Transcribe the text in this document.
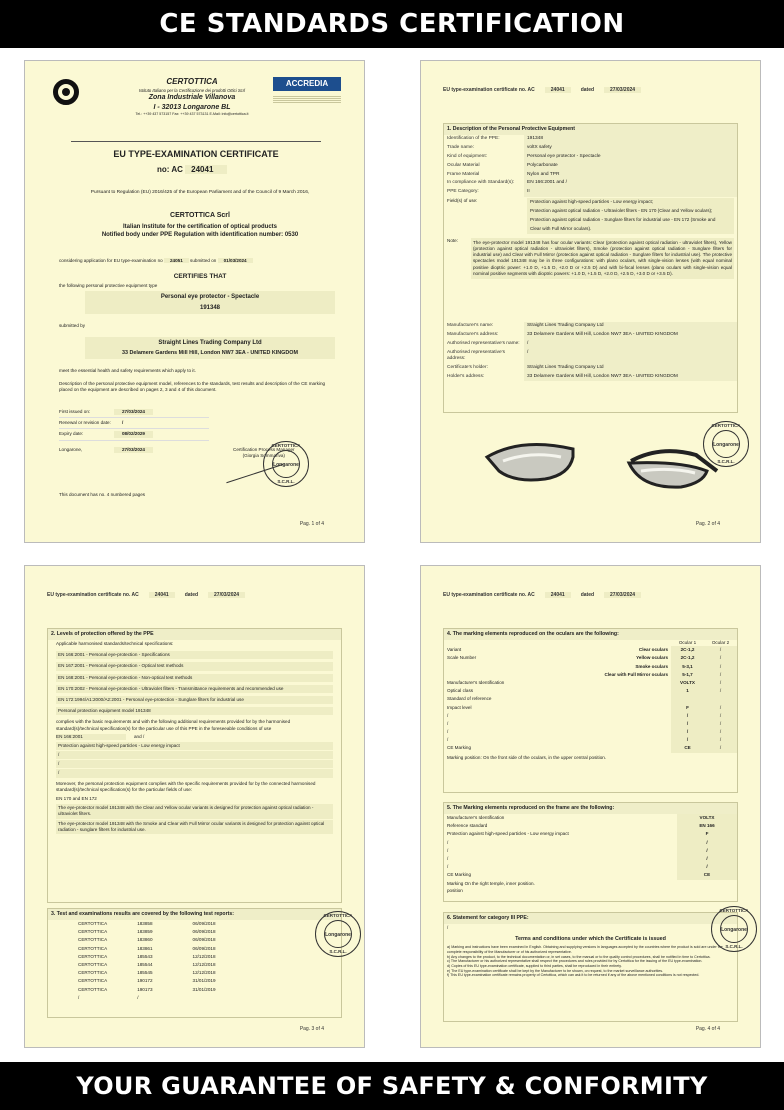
CE STANDARDS CERTIFICATION
CERTOTTICA
Istituto Italiano per la Certificazione dei prodotti Ottici Scrl
Zona Industriale Villanova
I - 32013 Longarone BL
Tel.: ++39 437 573157 Fax: ++39 437 573131 E-Mail: info@certottica.it
ACCREDIA
EU TYPE-EXAMINATION CERTIFICATE
no: AC 24041
Pursuant to Regulation (EU) 2016/425 of the European Parliament and of the Council of 9 March 2016,
CERTOTTICA Scrl
Italian Institute for the certification of optical products
Notified body under PPE Regulation with identification number: 0530
considering application for EU type-examination no 24051 submitted on 01/03/2024
CERTIFIES THAT
the following personal protective equipment type
Personal eye protector - Spectacle
191348
submitted by
Straight Lines Trading Company Ltd
33 Delamere Gardens Mill Hill, London NW7 3EA - UNITED KINGDOM
meet the essential health and safety requirements which apply to it.
Description of the personal protective equipment model, references to the standards, test results and description of the CE marking placed on the equipment are described on pages 2, 3 and 4 of this document.
First issued on:	27/03/2024
Renewal or revision date:	/
Expiry date:	08/02/2029
Longarone,	27/03/2024	Certification Process Manager
(Giorgia Sommariva)
CERTOTTICA
Longarone
S.C.R.L.
This document has no. 4 numbered pages
Pag. 1 of 4
EU type-examination certificate no. AC	24041	dated	27/03/2024
1. Description of the Personal Protective Equipment
Identification of the PPE:	191348
Trade name:	voltX safety
Kind of equipment:	Personal eye protector - Spectacle
Ocular Material	Polycarbonate
Frame Material	Nylon and TPR
In compliance with Standard(s):	EN 166:2001 and /
PPE Category:	II
Field(s) of use:	Protection against high-speed particles - Low energy impact;
Protection against optical radiation - Ultraviolet filters - EN 170 (Clear and Yellow oculars);
Protection against optical radiation - Sunglare filters for industrial use - EN 172 (Smoke and
Clear with Full Mirror oculars).
Note:	The eye-protector model 191348 has four ocular variants: Clear (protection against optical radiation - ultraviolet filters), Yellow (protection against optical radiation - ultraviolet filters), Smoke (protection against optical radiation - Sunglare filters for industrial use) and Clear with Full Mirror (protection against optical radiation - Sunglare filters for industrial use). The protective spectacles model 191348 may be in three configurations: with plano oculars, with single-vision lenses (with equal nominal positive dioptric power: +1.0 D, +1.5 D, +2.0 D or +2.5 D) and with bi-focal lenses (plano oculars with single-vision equal nominal positive segments with dioptric powers: +1.0 D, +1.5 D, +2.0 D, +2.5 D, +3.0 D or +3.5 D).
Manufacturer's name:	Straight Lines Trading Company Ltd
Manufacturer's address:	33 Delamere Gardens Mill Hill, London NW7 3EA - UNITED KINGDOM
Authorised representative's name:	/
Authorised representative's address:	/
Certificate's holder:	Straight Lines Trading Company Ltd
Holder's address:	33 Delamere Gardens Mill Hill, London NW7 3EA - UNITED KINGDOM
CERTOTTICA
Longarone
S.C.R.L.
Pag. 2 of 4
EU type-examination certificate no. AC	24041	dated	27/03/2024
2. Levels of protection offered by the PPE
Applicable harmonised standards/technical specifications:
EN 166:2001 - Personal eye-protection - Specifications
EN 167:2001 - Personal eye-protection - Optical test methods
EN 168:2001 - Personal eye-protection - Non-optical test methods
EN 170:2002 - Personal eye-protection - Ultraviolet filters - Transmittance requirements and recommended use
EN 172:1994/A1:2000/A2:2001 - Personal eye-protection - Sunglare filters for industrial use
Personal protection equipment model 191348
complies with the basic requirements and with the following additional requirements provided for by the harmonised standard(s)/technical specification(s) for the particular use of this PPE in the foreseeable conditions of use
EN 166:2001	and /
Protection against high-speed particles - Low energy impact
/
/
/
Moreover, the personal protection equipment complies with the specific requirements provided for by the connected harmonised standard(s)/technical specification(s) for the particular fields of use:
EN 170 and EN 172
The eye-protector model 191348 with the Clear and Yellow ocular variants is designed for protection against optical radiation - ultraviolet filters.
The eye-protector model 191348 with the Smoke and Clear with Full Mirror ocular variants is designed for protection against optical radiation - sunglare filters for industrial use.
3. Test and examinations results are covered by the following test reports:
CERTOTTICA	183858	06/09/2018
CERTOTTICA	183859	06/09/2018
CERTOTTICA	183860	06/09/2018
CERTOTTICA	183861	06/09/2018
CERTOTTICA	185543	12/12/2018
CERTOTTICA	185544	12/12/2018
CERTOTTICA	185545	12/12/2018
CERTOTTICA	190172	31/01/2019
CERTOTTICA	190173	31/01/2019
/	/	
CERTOTTICA
Longarone
S.C.R.L.
Pag. 3 of 4
EU type-examination certificate no. AC	24041	dated	27/03/2024
4. The marking elements reproduced on the oculars are the following:
	Ocular 1	Ocular 2
Variant Clear oculars	2C-1,2	/
Scale Number Yellow oculars	2C-1,2	/

Smoke oculars	5-3,1	/

Clear with Full Mirror oculars	5-1,7	/
Manufacturer's Identification	VOLTX	/
Optical class	1	/
Standard of reference		
Impact level	F	/
/	/	/
/	/	/
/	/	/
/	/	/
CE Marking	CE	/
Marking position: On the front side of the oculars, in the upper central position.
5. The Marking elements reproduced on the frame are the following:
Manufacturer's Identification	VOLTX
Reference standard	EN 166
Protection against high-speed particles - Low energy impact	F
/	/
/	/
/	/
/	/
CE Marking	CE
Marking On the right temple, inner position.
position
6. Statement for category III PPE:
/
Terms and conditions under which the Certificate is issued
a) Marking and instructions have been examined in English. Obtaining and supplying versions in languages accepted by the countries where the product is sold are under the complete responsibility of the Manufacturer or of his authorized representative.
b) Any changes to the product, to the technical documentation or, in set cases, to the manual or to the quality control procedures, shall be notified in time to Certottica.
c) The Manufacturer or his authorized representative shall respect the procedures and rules provided for by Certottica for the issuing of the EU type-examination.
d) Copies of this EU type-examination certificate, supplied to third parties, shall be reproduced in their entirety.
e) The EU type-examination certificate shall be kept by the Manufacturer to be shown, on request, to the market surveillance authorities.
f) This EU type-examination certificate remains property of Certottica, which can ask it to be returned if any of the above mentioned conditions is not respected.
CERTOTTICA
Longarone
S.C.R.L.
Pag. 4 of 4
YOUR GUARANTEE OF SAFETY & CONFORMITY
